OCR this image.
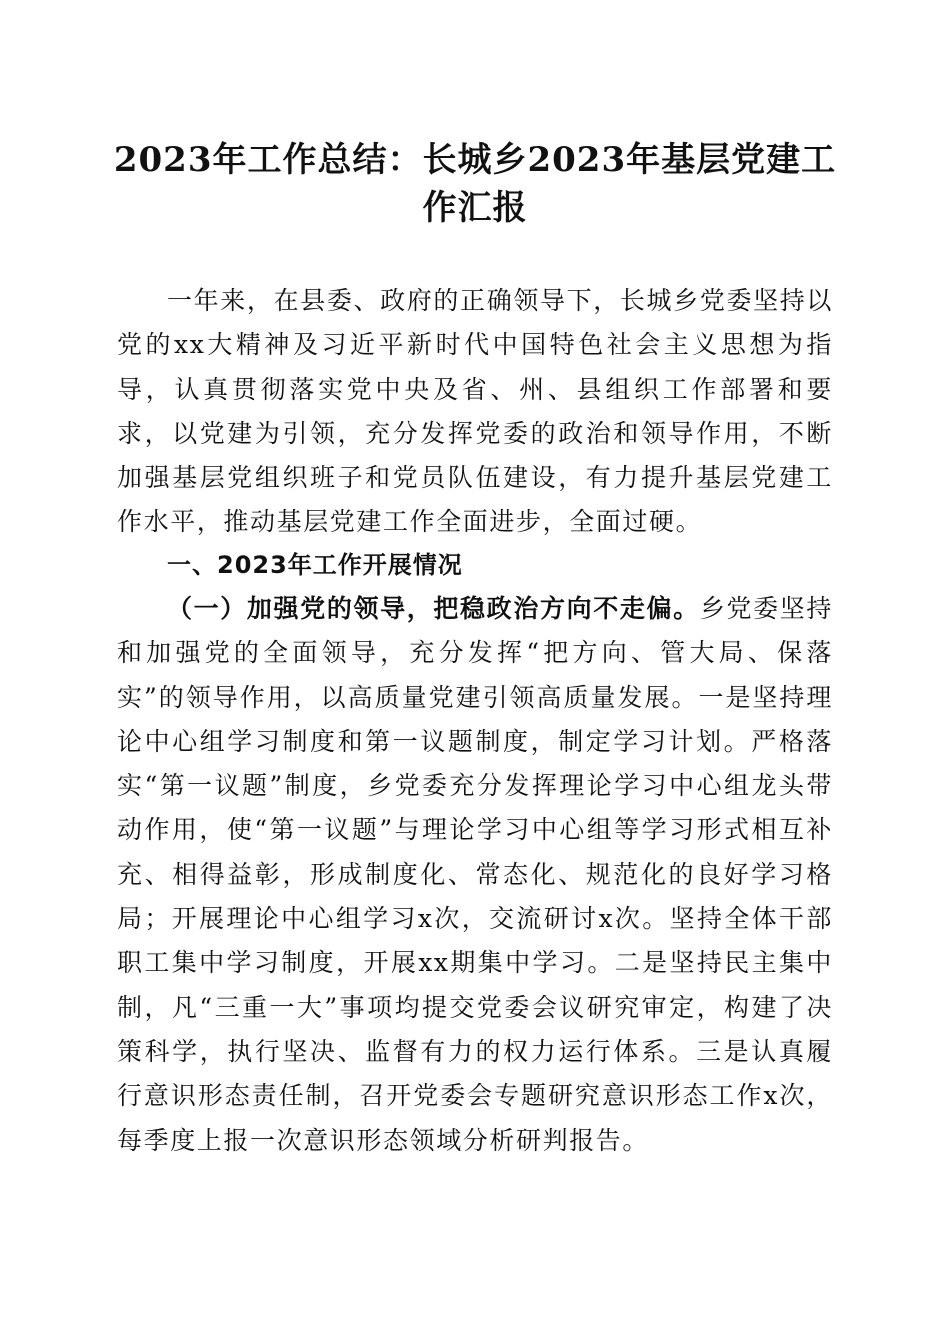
2023年工作总结：长城乡2023年基层党建工作汇报

一年来，在县委、政府的正确领导下，长城乡党委坚持以党的xx大精神及习近平新时代中国特色社会主义思想为指导，认真贯彻落实党中央及省、州、县组织工作部署和要求，以党建为引领，充分发挥党委的政治和领导作用，不断加强基层党组织班子和党员队伍建设，有力提升基层党建工作水平，推动基层党建工作全面进步，全面过硬。

一、2023年工作开展情况

（一）加强党的领导，把稳政治方向不走偏。乡党委坚持和加强党的全面领导，充分发挥“把方向、管大局、保落实”的领导作用，以高质量党建引领高质量发展。一是坚持理论中心组学习制度和第一议题制度，制定学习计划。严格落实“第一议题”制度，乡党委充分发挥理论学习中心组龙头带动作用，使“第一议题”与理论学习中心组等学习形式相互补充、相得益彰，形成制度化、常态化、规范化的良好学习格局；开展理论中心组学习x次，交流研讨x次。坚持全体干部职工集中学习制度，开展xx期集中学习。二是坚持民主集中制，凡“三重一大”事项均提交党委会议研究审定，构建了决策科学，执行坚决、监督有力的权力运行体系。三是认真履行意识形态责任制，召开党委会专题研究意识形态工作x次，每季度上报一次意识形态领域分析研判报告。
